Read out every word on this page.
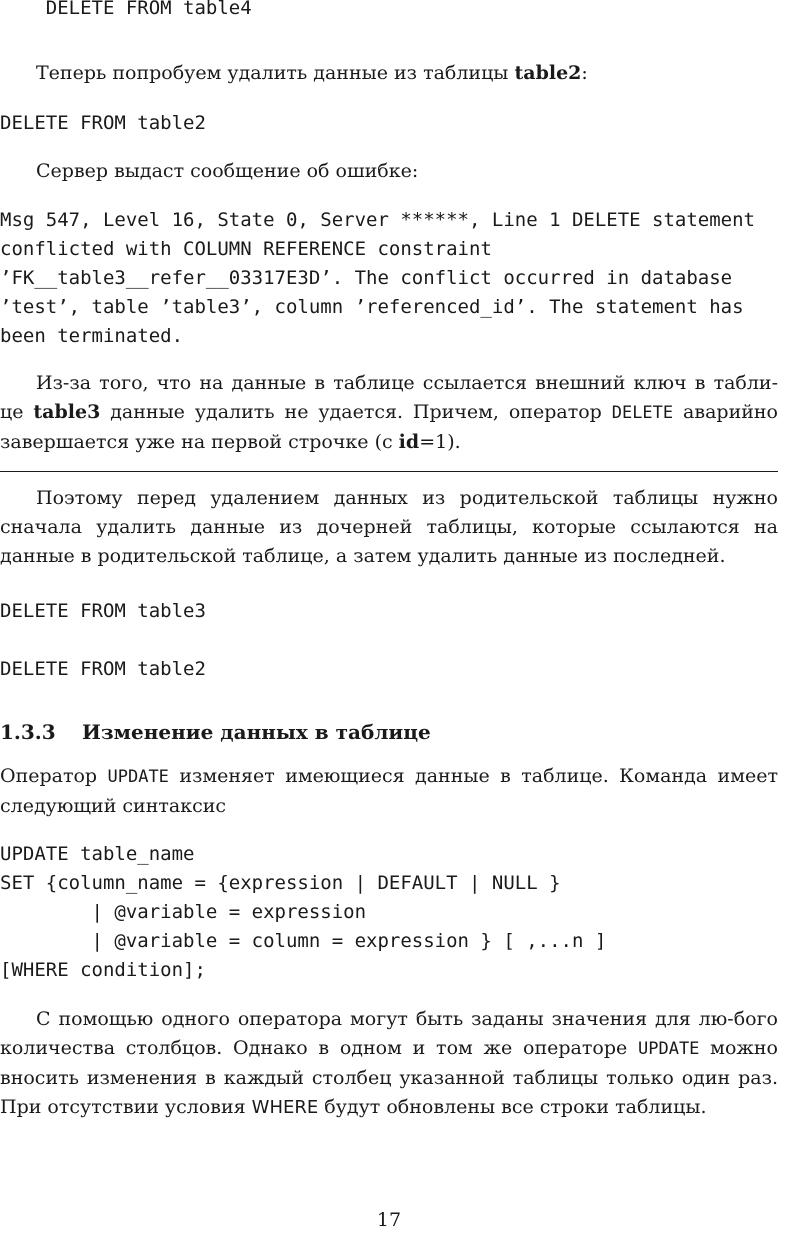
DELETE FROM table4

Теперь попробуем удалить данные из таблицы table2:

DELETE FROM table2

Сервер выдаст сообщение об ошибке:

Msg 547, Level 16, State 0, Server ******, Line 1 DELETE statement
conflicted with COLUMN REFERENCE constraint
’FK__table3__refer__03317E3D’. The conflict occurred in database
’test’, table ’table3’, column ’referenced_id’. The statement has
been terminated.

Из-за того, что на данные в таблице ссылается внешний ключ в табли-це table3 данные удалить не удается. Причем, оператор DELETE аварийно завершается уже на первой строчке (с id=1).

Поэтому перед удалением данных из родительской таблицы нужно сначала удалить данные из дочерней таблицы, которые ссылаются на данные в родительской таблице, а затем удалить данные из последней.

DELETE FROM table3
DELETE FROM table2
1.3.3 Изменение данных в таблице

Оператор UPDATE изменяет имеющиеся данные в таблице. Команда имеет следующий синтаксис

UPDATE table_name
SET {column_name = {expression | DEFAULT | NULL }
| @variable = expression
| @variable = column = expression } [ ,...n ]
[WHERE condition];

С помощью одного оператора могут быть заданы значения для лю-бого количества столбцов. Однако в одном и том же операторе UPDATE можно вносить изменения в каждый столбец указанной таблицы только один раз. При отсутствии условия WHERE будут обновлены все строки таблицы.

17
